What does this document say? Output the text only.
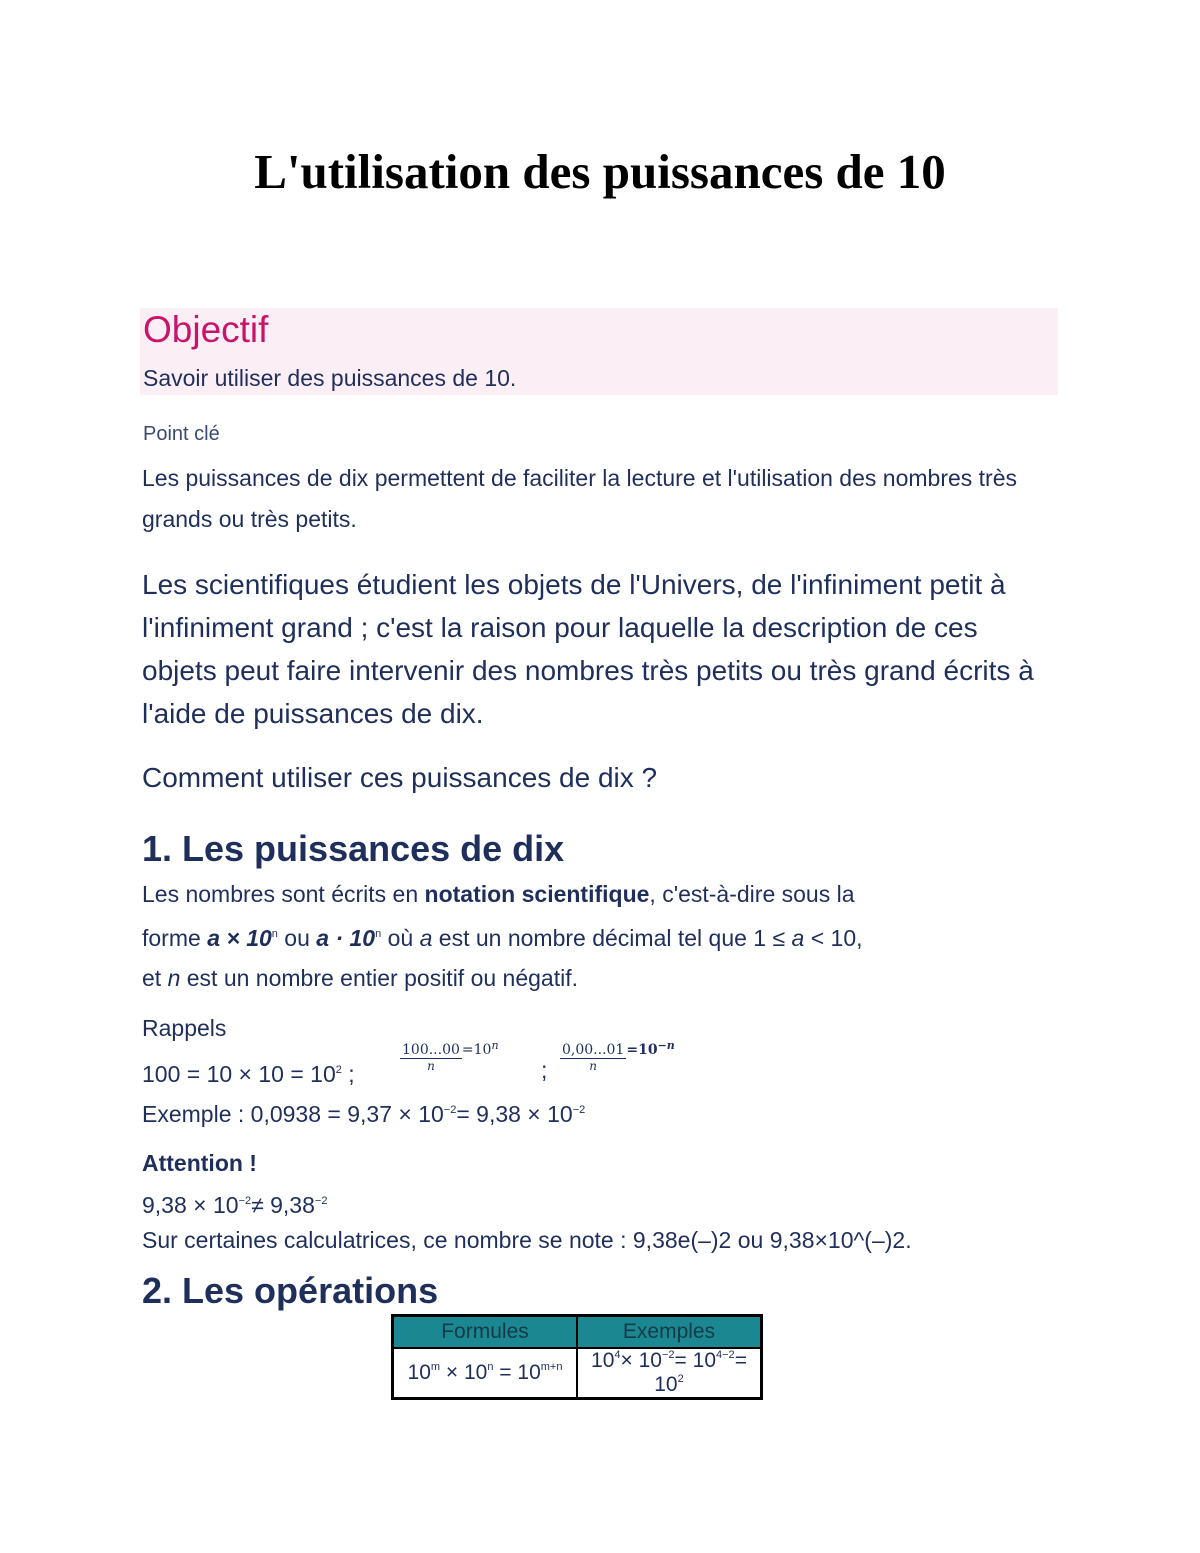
L'utilisation des puissances de 10
Objectif
Savoir utiliser des puissances de 10.
Point clé
Les puissances de dix permettent de faciliter la lecture et l'utilisation des nombres très grands ou très petits.
Les scientifiques étudient les objets de l'Univers, de l'infiniment petit à l'infiniment grand ; c'est la raison pour laquelle la description de ces objets peut faire intervenir des nombres très petits ou très grand écrits à l'aide de puissances de dix.
Comment utiliser ces puissances de dix ?
1. Les puissances de dix
Les nombres sont écrits en notation scientifique, c'est-à-dire sous la
forme $a \times 10^n$ ou $a \cdot 10^n$ où a est un nombre décimal tel que 1 ≤ a < 10,
et n est un nombre entier positif ou négatif.
Rappels
$100 = 10 \times 10 = 10^2$ ;
$\frac{100...00}{n} =10^n$
; $\frac{0,00...01}{n} =10^{-n}$
Exemple : $0,0938 = 9,37 \times 10^{-2}= 9,38 \times 10^{-2}$
Attention !
$9,38 \times 10^{-2}\ne 9,38^{-2}$
Sur certaines calculatrices, ce nombre se note : 9,38e(–)2 ou 9,38×10^(–)2.
2. Les opérations
Formules	Exemples
$10^m \times 10^n = 10^{m+n}$	$10^4\times 10^{-2}= 10^{4-2}= 10^2$
